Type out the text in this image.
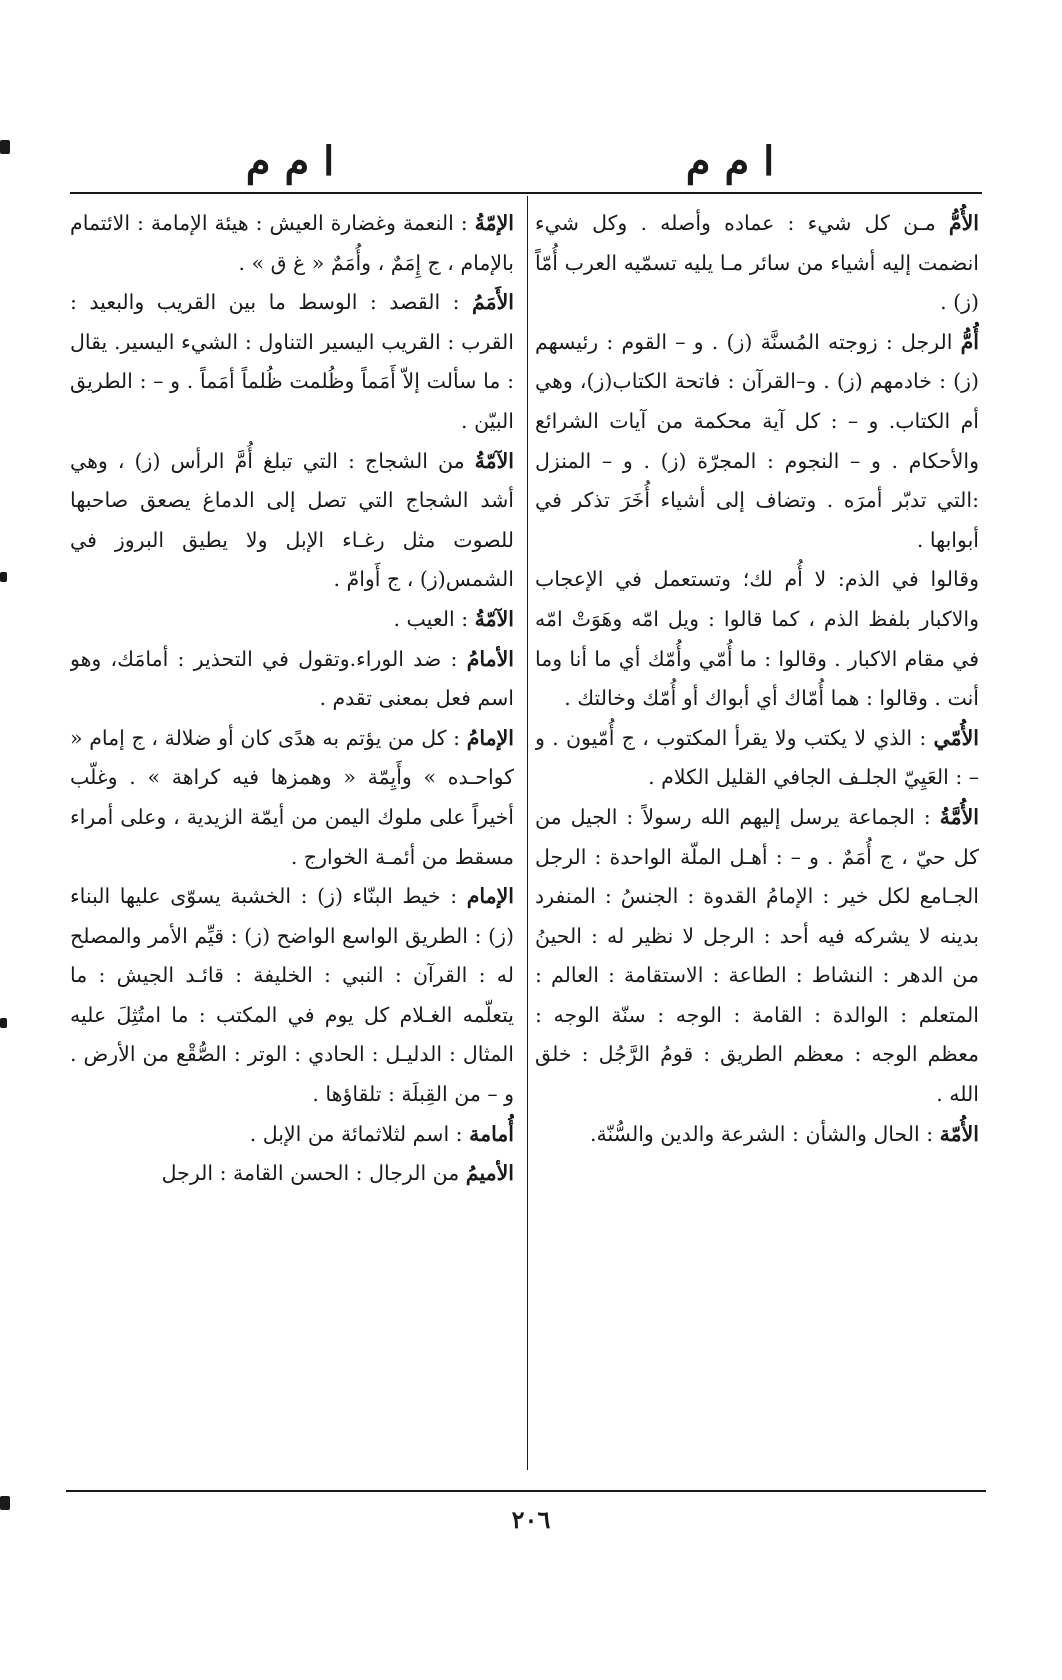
ا م م
ا م م

الأُمُّ مـن كل شيء : عماده وأصله . وكل شيء انضمت إليه أشياء من سائر مـا يليه تسمّيه العرب أُمّاً (ز) .

أُمُّ الرجل : زوجته المُسنَّة (ز) . و – القوم : رئيسهم (ز) : خادمهم (ز) . و–القرآن : فاتحة الكتاب(ز)، وهي أم الكتاب. و – : كل آية محكمة من آيات الشرائع والأحكام . و – النجوم : المجرّة (ز) . و – المنزل :التي تدبّر أمرَه . وتضاف إلى أشياء أُخَرَ تذكر في أبوابها .

وقالوا في الذم: لا أُم لك؛ وتستعمل في الإعجاب والاكبار بلفظ الذم ، كما قالوا : ويل امّه وهَوَتْ امّه في مقام الاكبار . وقالوا : ما أُمّي وأُمّك أي ما أنا وما أنت . وقالوا : هما أُمّاك أي أبواك أو أُمّك وخالتك .

الأُمّي : الذي لا يكتب ولا يقرأ المكتوب ، ج أُمّيون . و – : العَيِيّ الجلـف الجافي القليل الكلام .

الأُمَّةُ : الجماعة يرسل إليهم الله رسولاً : الجيل من كل حيّ ، ج أُمَمٌ . و – : أهـل الملّة الواحدة : الرجل الجـامع لكل خير : الإمامُ القدوة : الجنسُ : المنفرد بدينه لا يشركه فيه أحد : الرجل لا نظير له : الحينُ من الدهر : النشاط : الطاعة : الاستقامة : العالم : المتعلم : الوالدة : القامة : الوجه : سنّة الوجه : معظم الوجه : معظم الطريق : قومُ الرَّجُل : خلق الله .

الأُمّة : الحال والشأن : الشرعة والدين والسُّنّة.

الإمّةُ : النعمة وغضارة العيش : هيئة الإمامة : الائتمام بالإمام ، ج إِمَمٌ ، وأُمَمٌ « غ ق » .

الأَمَمُ : القصد : الوسط ما بين القريب والبعيد : القرب : القريب اليسير التناول : الشيء اليسير. يقال : ما سألت إلاّ أَمَماً وظُلمت ظُلماً أمَماً . و – : الطريق البيّن .

الآمّةُ من الشجاج : التي تبلغ أُمَّ الرأس (ز) ، وهي أشد الشجاج التي تصل إلى الدماغ يصعق صاحبها للصوت مثل رغـاء الإبل ولا يطيق البروز في الشمس(ز) ، ج أَوامّ .

الآمّةُ : العيب .

الأمامُ : ضد الوراء.وتقول في التحذير : أمامَك، وهو اسم فعل بمعنى تقدم .

الإمامُ : كل من يؤتم به هدًى كان أو ضلالة ، ج إمام « كواحـده » وأَيِمّة « وهمزها فيه كراهة » . وغلّب أخيراً على ملوك اليمن من أيمّة الزيدية ، وعلى أمراء مسقط من أئمـة الخوارج .

الإمام : خيط البنّاء (ز) : الخشبة يسوّى عليها البناء (ز) : الطريق الواسع الواضح (ز) : قيِّم الأمر والمصلح له : القرآن : النبي : الخليفة : قائـد الجيش : ما يتعلّمه الغـلام كل يوم في المكتب : ما امتُثِلَ عليه المثال : الدليـل : الحادي : الوتر : الصُّقْع من الأرض . و – من القِبلَة : تلقاؤها .

أُمامة : اسم لثلاثمائة من الإبل .

الأميمُ من الرجال : الحسن القامة : الرجل

٢٠٦
